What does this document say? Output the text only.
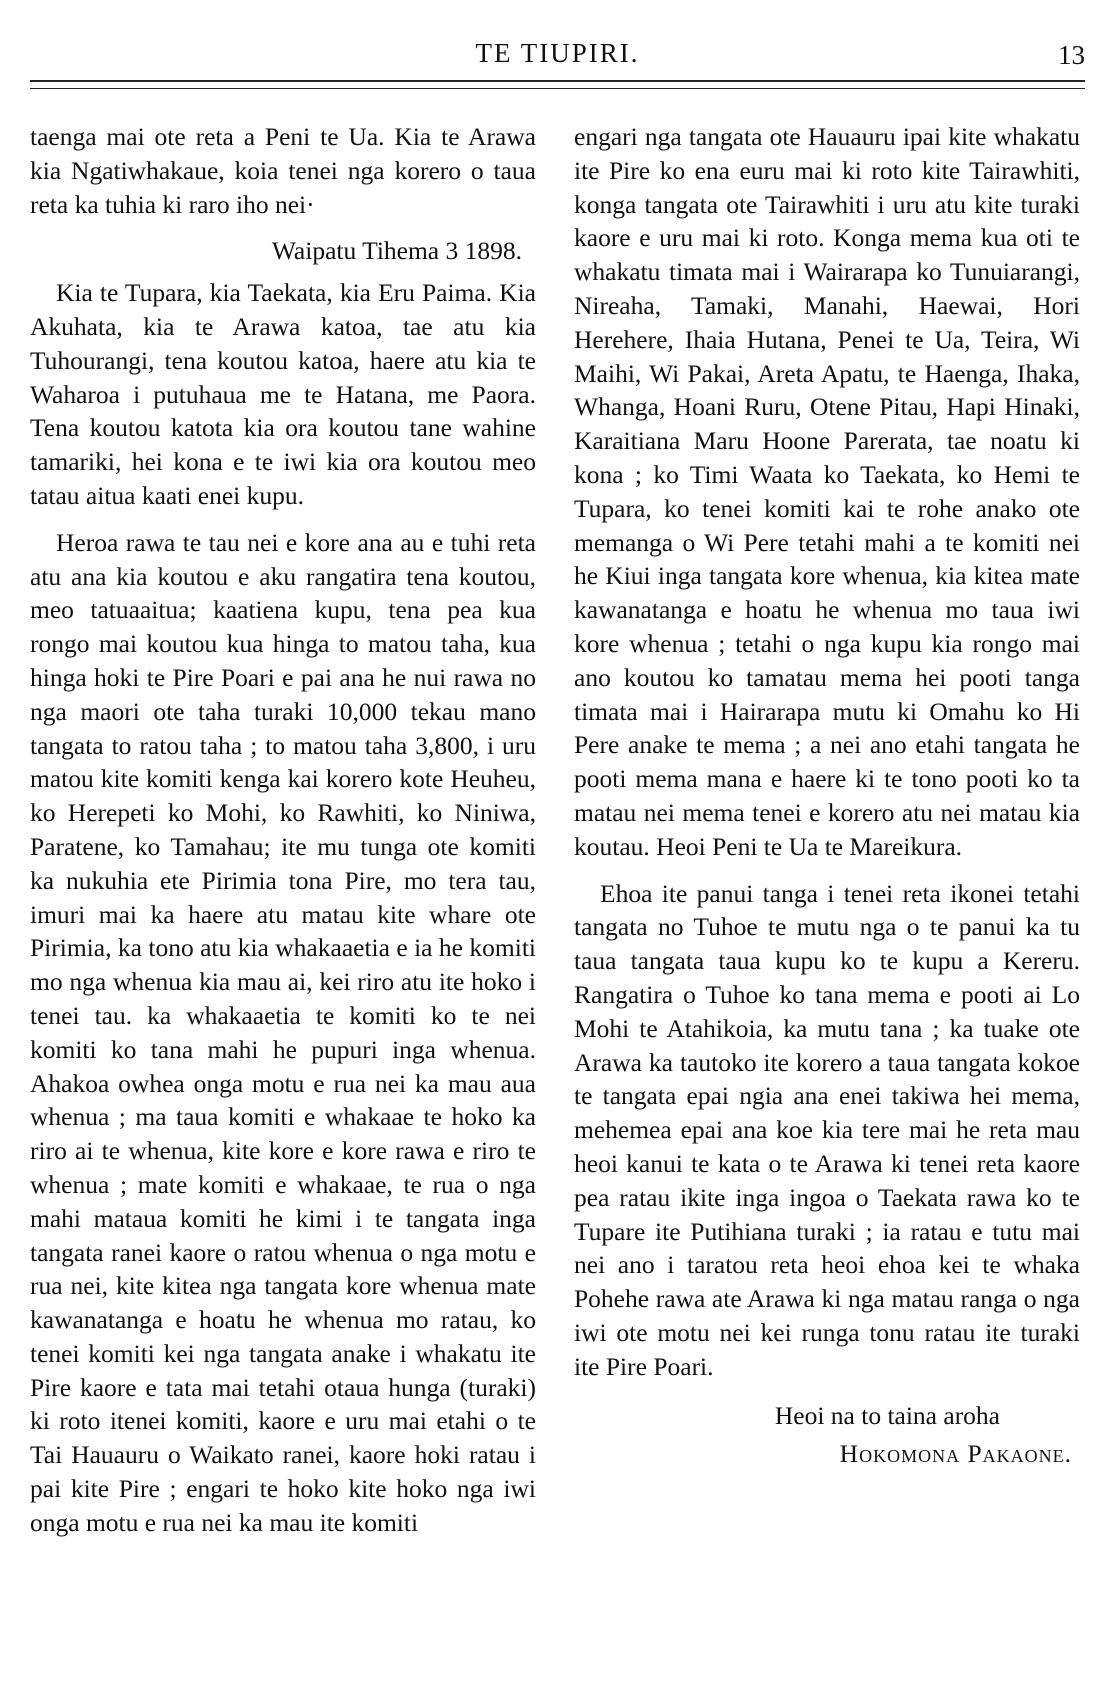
TE TIUPIRI.	13

taenga mai ote reta a Peni te Ua. Kia te Arawa kia Ngatiwhakaue, koia tenei nga korero o taua reta ka tuhia ki raro iho nei·

Waipatu Tihema 3 1898.

Kia te Tupara, kia Taekata, kia Eru Paima. Kia Akuhata, kia te Arawa katoa, tae atu kia Tuhourangi, tena koutou katoa, haere atu kia te Waharoa i putuhaua me te Hatana, me Paora. Tena koutou katota kia ora koutou tane wahine tamariki, hei kona e te iwi kia ora koutou meo tatau aitua kaati enei kupu.

Heroa rawa te tau nei e kore ana au e tuhi reta atu ana kia koutou e aku rangatira tena koutou, meo tatuaaitua; kaatiena kupu, tena pea kua rongo mai koutou kua hinga to matou taha, kua hinga hoki te Pire Poari e pai ana he nui rawa no nga maori ote taha turaki 10,000 tekau mano tangata to ratou taha ; to matou taha 3,800, i uru matou kite komiti kenga kai korero kote Heuheu, ko Herepeti ko Mohi, ko Rawhiti, ko Niniwa, Paratene, ko Tamahau; ite mu tunga ote komiti ka nukuhia ete Pirimia tona Pire, mo tera tau, imuri mai ka haere atu matau kite whare ote Pirimia, ka tono atu kia whakaaetia e ia he komiti mo nga whenua kia mau ai, kei riro atu ite hoko i tenei tau. ka whakaaetia te komiti ko te nei komiti ko tana mahi he pupuri inga whenua. Ahakoa owhea onga motu e rua nei ka mau aua whenua ; ma taua komiti e whakaae te hoko ka riro ai te whenua, kite kore e kore rawa e riro te whenua ; mate komiti e whakaae, te rua o nga mahi mataua komiti he kimi i te tangata inga tangata ranei kaore o ratou whenua o nga motu e rua nei, kite kitea nga tangata kore whenua mate kawanatanga e hoatu he whenua mo ratau, ko tenei komiti kei nga tangata anake i whakatu ite Pire kaore e tata mai tetahi otaua hunga (turaki) ki roto itenei komiti, kaore e uru mai etahi o te Tai Hauauru o Waikato ranei, kaore hoki ratau i pai kite Pire ; engari te hoko kite hoko nga iwi onga motu e rua nei ka mau ite komiti

engari nga tangata ote Hauauru ipai kite whakatu ite Pire ko ena euru mai ki roto kite Tairawhiti, konga tangata ote Tairawhiti i uru atu kite turaki kaore e uru mai ki roto. Konga mema kua oti te whakatu timata mai i Wairarapa ko Tunuiarangi, Nireaha, Tamaki, Manahi, Haewai, Hori Herehere, Ihaia Hutana, Penei te Ua, Teira, Wi Maihi, Wi Pakai, Areta Apatu, te Haenga, Ihaka, Whanga, Hoani Ruru, Otene Pitau, Hapi Hinaki, Karaitiana Maru Hoone Parerata, tae noatu ki kona ; ko Timi Waata ko Taekata, ko Hemi te Tupara, ko tenei komiti kai te rohe anako ote memanga o Wi Pere tetahi mahi a te komiti nei he Kiui inga tangata kore whenua, kia kitea mate kawanatanga e hoatu he whenua mo taua iwi kore whenua ; tetahi o nga kupu kia rongo mai ano koutou ko tamatau mema hei pooti tanga timata mai i Hairarapa mutu ki Omahu ko Hi Pere anake te mema ; a nei ano etahi tangata he pooti mema mana e haere ki te tono pooti ko ta matau nei mema tenei e korero atu nei matau kia koutau. Heoi Peni te Ua te Mareikura.

Ehoa ite panui tanga i tenei reta ikonei tetahi tangata no Tuhoe te mutu nga o te panui ka tu taua tangata taua kupu ko te kupu a Kereru. Rangatira o Tuhoe ko tana mema e pooti ai Lo Mohi te Atahikoia, ka mutu tana ; ka tuake ote Arawa ka tautoko ite korero a taua tangata kokoe te tangata epai ngia ana enei takiwa hei mema, mehemea epai ana koe kia tere mai he reta mau heoi kanui te kata o te Arawa ki tenei reta kaore pea ratau ikite inga ingoa o Taekata rawa ko te Tupare ite Putihiana turaki ; ia ratau e tutu mai nei ano i taratou reta heoi ehoa kei te whaka Pohehe rawa ate Arawa ki nga matau ranga o nga iwi ote motu nei kei runga tonu ratau ite turaki ite Pire Poari.

Heoi na to taina aroha

Hokomona Pakaone.
